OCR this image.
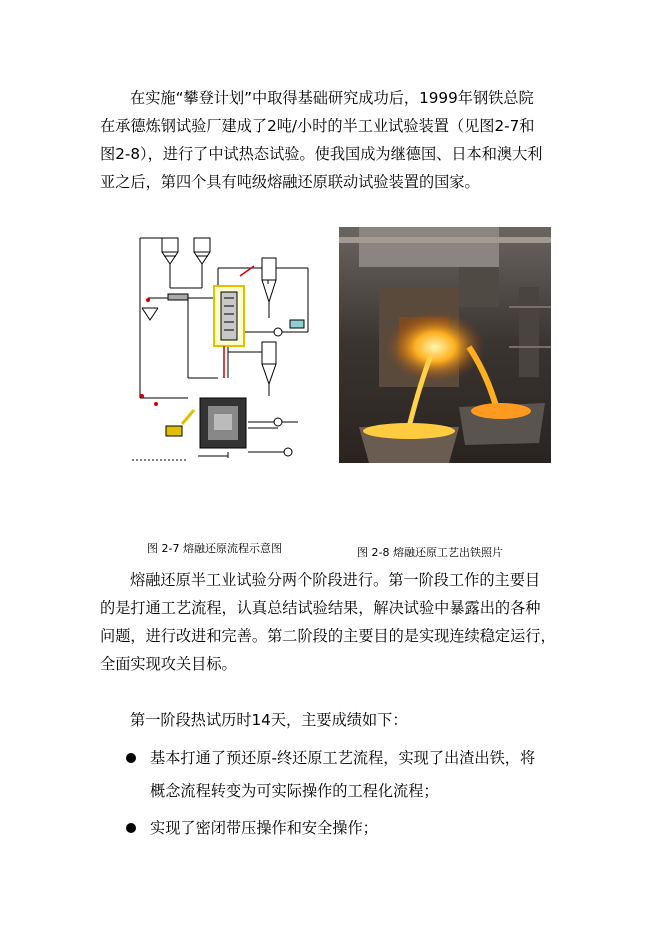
在实施“攀登计划”中取得基础研究成功后，1999年钢铁总院
在承德炼钢试验厂建成了2吨/小时的半工业试验装置（见图2-7和
图2-8），进行了中试热态试验。使我国成为继德国、日本和澳大利
亚之后，第四个具有吨级熔融还原联动试验装置的国家。
图 2-7 熔融还原流程示意图	图 2-8 熔融还原工艺出铁照片
熔融还原半工业试验分两个阶段进行。第一阶段工作的主要目
的是打通工艺流程，认真总结试验结果，解决试验中暴露出的各种
问题，进行改进和完善。第二阶段的主要目的是实现连续稳定运行，
全面实现攻关目标。
第一阶段热试历时14天，主要成绩如下：
基本打通了预还原-终还原工艺流程，实现了出渣出铁，将
概念流程转变为可实际操作的工程化流程；
实现了密闭带压操作和安全操作；
